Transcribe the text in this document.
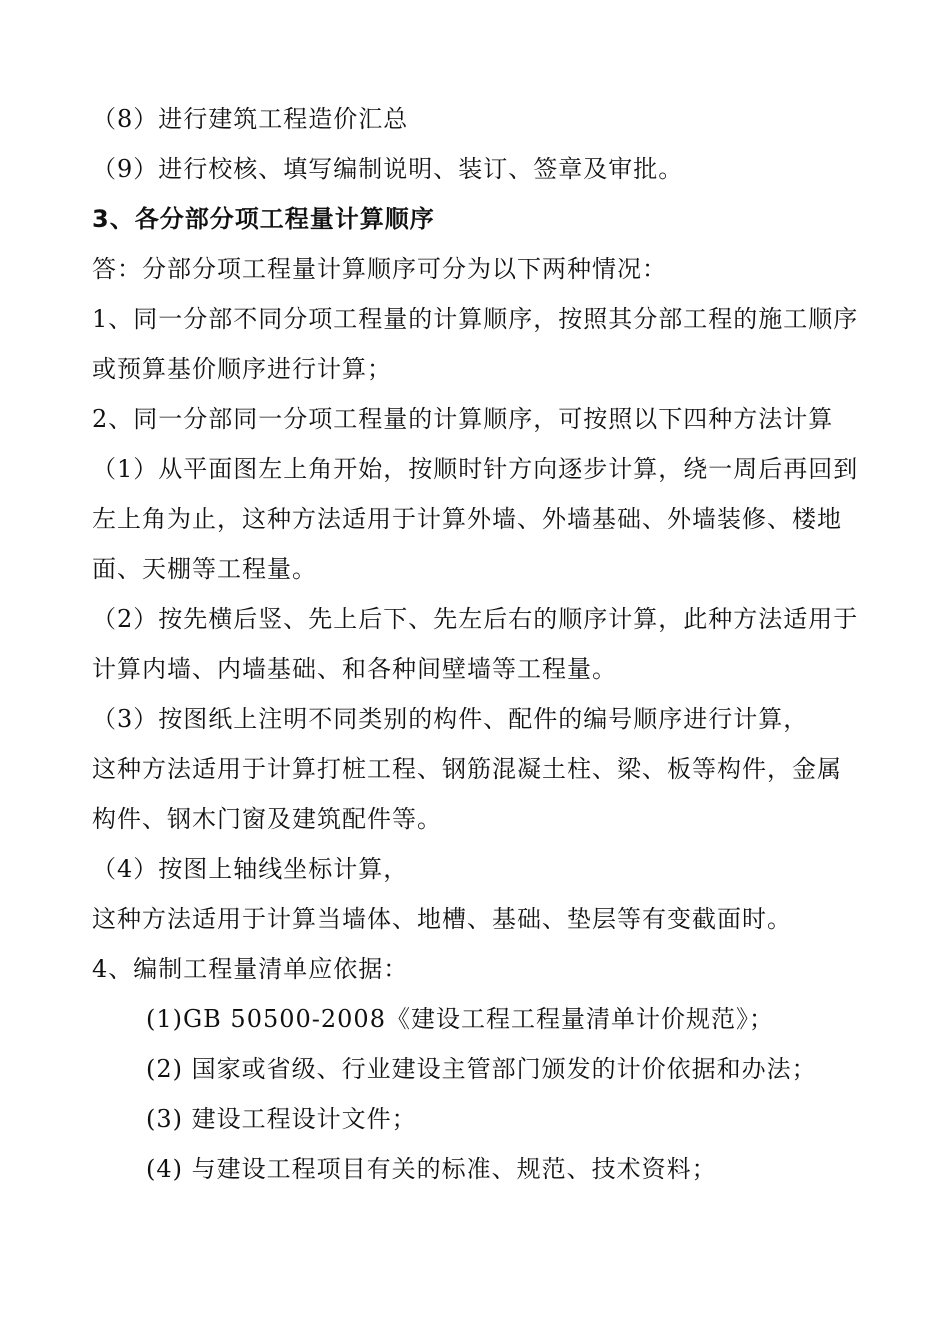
（8）进行建筑工程造价汇总
（9）进行校核、填写编制说明、装订、签章及审批。
3、各分部分项工程量计算顺序
答：分部分项工程量计算顺序可分为以下两种情况：
1、同一分部不同分项工程量的计算顺序，按照其分部工程的施工顺序
或预算基价顺序进行计算；
2、同一分部同一分项工程量的计算顺序，可按照以下四种方法计算
（1）从平面图左上角开始，按顺时针方向逐步计算，绕一周后再回到
左上角为止，这种方法适用于计算外墙、外墙基础、外墙装修、楼地
面、天棚等工程量。
（2）按先横后竖、先上后下、先左后右的顺序计算，此种方法适用于
计算内墙、内墙基础、和各种间壁墙等工程量。
（3）按图纸上注明不同类别的构件、配件的编号顺序进行计算，
这种方法适用于计算打桩工程、钢筋混凝土柱、梁、板等构件，金属
构件、钢木门窗及建筑配件等。
（4）按图上轴线坐标计算，
这种方法适用于计算当墙体、地槽、基础、垫层等有变截面时。
4、编制工程量清单应依据：
(1)GB 50500-2008《建设工程工程量清单计价规范》；
(2) 国家或省级、行业建设主管部门颁发的计价依据和办法；
(3) 建设工程设计文件；
(4) 与建设工程项目有关的标准、规范、技术资料；
